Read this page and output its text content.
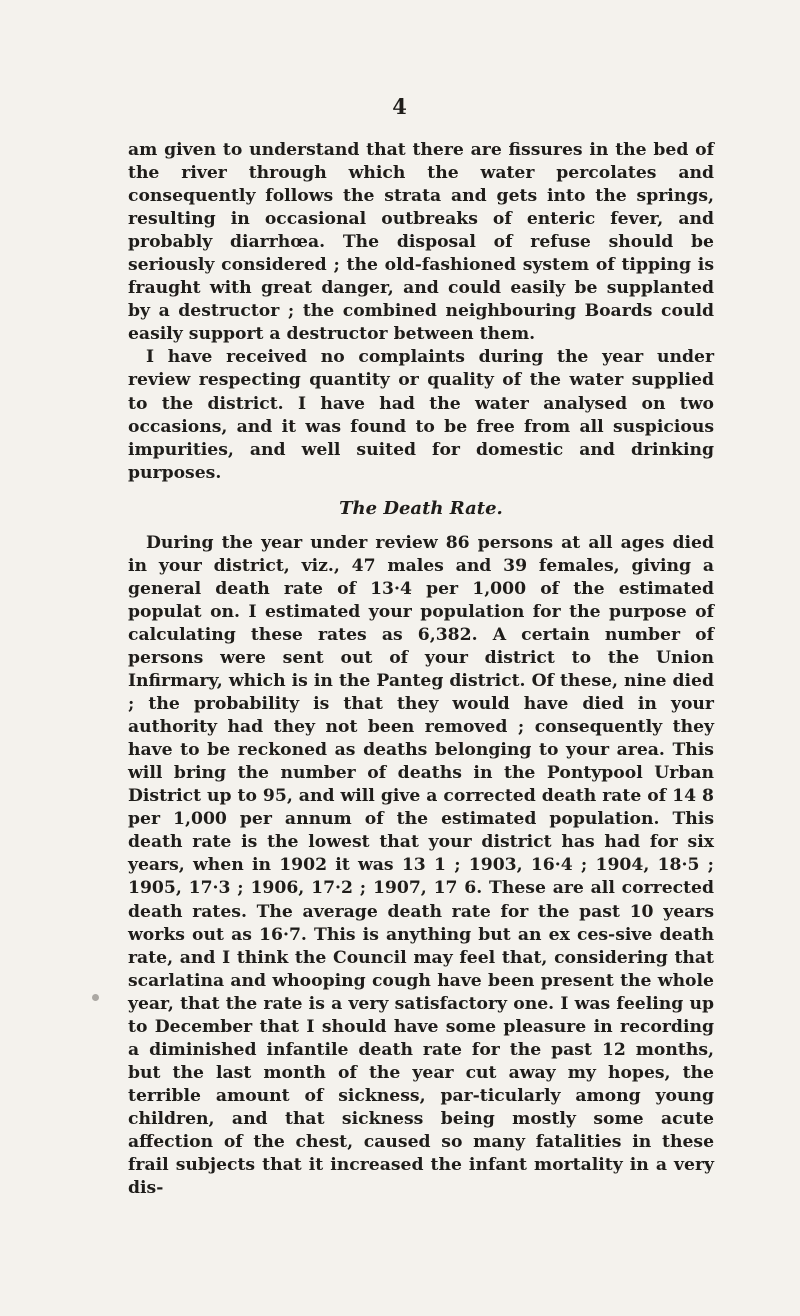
4

am given to understand that there are fissures in the bed of the river through which the water percolates and consequently follows the strata and gets into the springs, resulting in occasional outbreaks of enteric fever, and probably diarrhœa. The disposal of refuse should be seriously considered ; the old-fashioned system of tipping is fraught with great danger, and could easily be supplanted by a destructor ; the combined neighbouring Boards could easily support a destructor between them.

I have received no complaints during the year under review respecting quantity or quality of the water supplied to the district. I have had the water analysed on two occasions, and it was found to be free from all suspicious impurities, and well suited for domestic and drinking purposes.

The Death Rate.

During the year under review 86 persons at all ages died in your district, viz., 47 males and 39 females, giving a general death rate of 13·4 per 1,000 of the estimated populat on. I estimated your population for the purpose of calculating these rates as 6,382. A certain number of persons were sent out of your district to the Union Infirmary, which is in the Panteg district. Of these, nine died ; the probability is that they would have died in your authority had they not been removed ; consequently they have to be reckoned as deaths belonging to your area. This will bring the number of deaths in the Pontypool Urban District up to 95, and will give a corrected death rate of 14 8 per 1,000 per annum of the estimated population. This death rate is the lowest that your district has had for six years, when in 1902 it was 13 1 ; 1903, 16·4 ; 1904, 18·5 ; 1905, 17·3 ; 1906, 17·2 ; 1907, 17 6. These are all corrected death rates. The average death rate for the past 10 years works out as 16·7. This is anything but an ex ces-sive death rate, and I think the Council may feel that, considering that scarlatina and whooping cough have been present the whole year, that the rate is a very satisfactory one. I was feeling up to December that I should have some pleasure in recording a diminished infantile death rate for the past 12 months, but the last month of the year cut away my hopes, the terrible amount of sickness, par-ticularly among young children, and that sickness being mostly some acute affection of the chest, caused so many fatalities in these frail subjects that it increased the infant mortality in a very dis-
